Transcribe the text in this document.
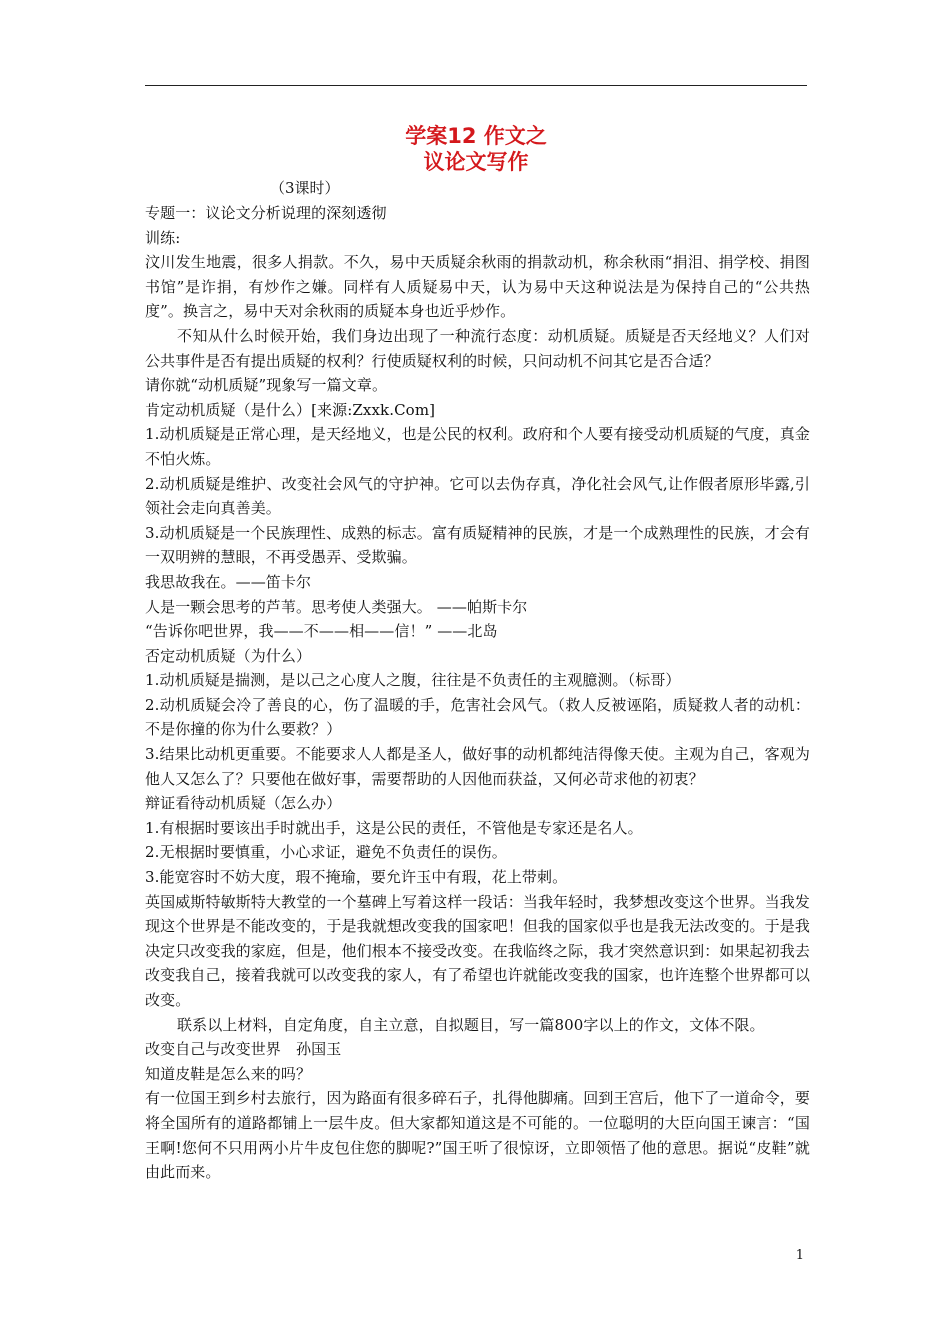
学案12 作文之
议论文写作
（3课时）

专题一：议论文分析说理的深刻透彻

训练:

汶川发生地震，很多人捐款。不久，易中天质疑余秋雨的捐款动机，称余秋雨“捐泪、捐学校、捐图书馆”是诈捐，有炒作之嫌。同样有人质疑易中天，认为易中天这种说法是为保持自己的“公共热度”。换言之，易中天对余秋雨的质疑本身也近乎炒作。

不知从什么时候开始，我们身边出现了一种流行态度：动机质疑。质疑是否天经地义？人们对公共事件是否有提出质疑的权利？行使质疑权利的时候，只问动机不问其它是否合适？

请你就“动机质疑”现象写一篇文章。

肯定动机质疑（是什么）[来源:Zxxk.Com]

1.动机质疑是正常心理，是天经地义，也是公民的权利。政府和个人要有接受动机质疑的气度，真金不怕火炼。

2.动机质疑是维护、改变社会风气的守护神。它可以去伪存真，净化社会风气,让作假者原形毕露,引领社会走向真善美。

3.动机质疑是一个民族理性、成熟的标志。富有质疑精神的民族，才是一个成熟理性的民族，才会有一双明辨的慧眼，不再受愚弄、受欺骗。

我思故我在。——笛卡尔

人是一颗会思考的芦苇。思考使人类强大。 ——帕斯卡尔

“告诉你吧世界，我——不——相——信！” ——北岛

否定动机质疑（为什么）

1.动机质疑是揣测，是以己之心度人之腹，往往是不负责任的主观臆测。（标哥）

2.动机质疑会冷了善良的心，伤了温暖的手，危害社会风气。（救人反被诬陷，质疑救人者的动机：不是你撞的你为什么要救？）

3.结果比动机更重要。不能要求人人都是圣人，做好事的动机都纯洁得像天使。主观为自己，客观为他人又怎么了？只要他在做好事，需要帮助的人因他而获益，又何必苛求他的初衷？

辩证看待动机质疑（怎么办）

1.有根据时要该出手时就出手，这是公民的责任，不管他是专家还是名人。

2.无根据时要慎重，小心求证，避免不负责任的误伤。

3.能宽容时不妨大度，瑕不掩瑜，要允许玉中有瑕，花上带刺。

英国威斯特敏斯特大教堂的一个墓碑上写着这样一段话：当我年轻时，我梦想改变这个世界。当我发现这个世界是不能改变的，于是我就想改变我的国家吧！但我的国家似乎也是我无法改变的。于是我决定只改变我的家庭，但是，他们根本不接受改变。在我临终之际，我才突然意识到：如果起初我去改变我自己，接着我就可以改变我的家人，有了希望也许就能改变我的国家，也许连整个世界都可以改变。

联系以上材料，自定角度，自主立意，自拟题目，写一篇800字以上的作文，文体不限。

改变自己与改变世界　孙国玉

知道皮鞋是怎么来的吗？

有一位国王到乡村去旅行，因为路面有很多碎石子，扎得他脚痛。回到王宫后，他下了一道命令，要将全国所有的道路都铺上一层牛皮。但大家都知道这是不可能的。一位聪明的大臣向国王谏言：“国王啊!您何不只用两小片牛皮包住您的脚呢?”国王听了很惊讶，立即领悟了他的意思。据说“皮鞋”就由此而来。

1
